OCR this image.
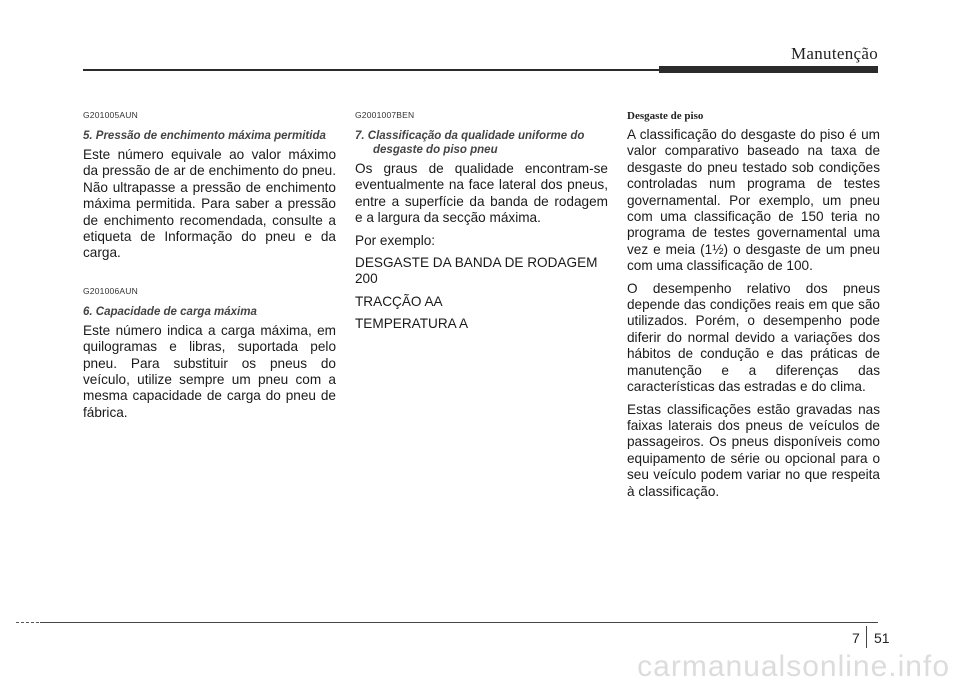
Manutenção
G201005AUN
5. Pressão de enchimento máxima permitida
Este número equivale ao valor máximo da pressão de ar de enchimento do pneu. Não ultrapasse a pressão de enchimento máxima permitida. Para saber a pressão de enchimento recomendada, consulte a etiqueta de Informação do pneu e da carga.
G201006AUN
6. Capacidade de carga máxima
Este número indica a carga máxima, em quilogramas e libras, suportada pelo pneu. Para substituir os pneus do veículo, utilize sempre um pneu com a mesma capacidade de carga do pneu de fábrica.
G2001007BEN
7. Classificação da qualidade uniforme do desgaste do piso pneu
Os graus de qualidade encontram-se eventualmente na face lateral dos pneus, entre a superfície da banda de rodagem e a largura da secção máxima.
Por exemplo:
DESGASTE DA BANDA DE RODAGEM 200
TRACÇÃO AA
TEMPERATURA A
Desgaste de piso
A classificação do desgaste do piso é um valor comparativo baseado na taxa de desgaste do pneu testado sob condições controladas num programa de testes governamental. Por exemplo, um pneu com uma classificação de 150 teria no programa de testes governamental uma vez e meia (1½) o desgaste de um pneu com uma classificação de 100.
O desempenho relativo dos pneus depende das condições reais em que são utilizados. Porém, o desempenho pode diferir do normal devido a variações dos hábitos de condução e das práticas de manutenção e a diferenças das características das estradas e do clima.
Estas classificações estão gravadas nas faixas laterais dos pneus de veículos de passageiros. Os pneus disponíveis como equipamento de série ou opcional para o seu veículo podem variar no que respeita à classificação.
7 51
carmanualsonline.info
